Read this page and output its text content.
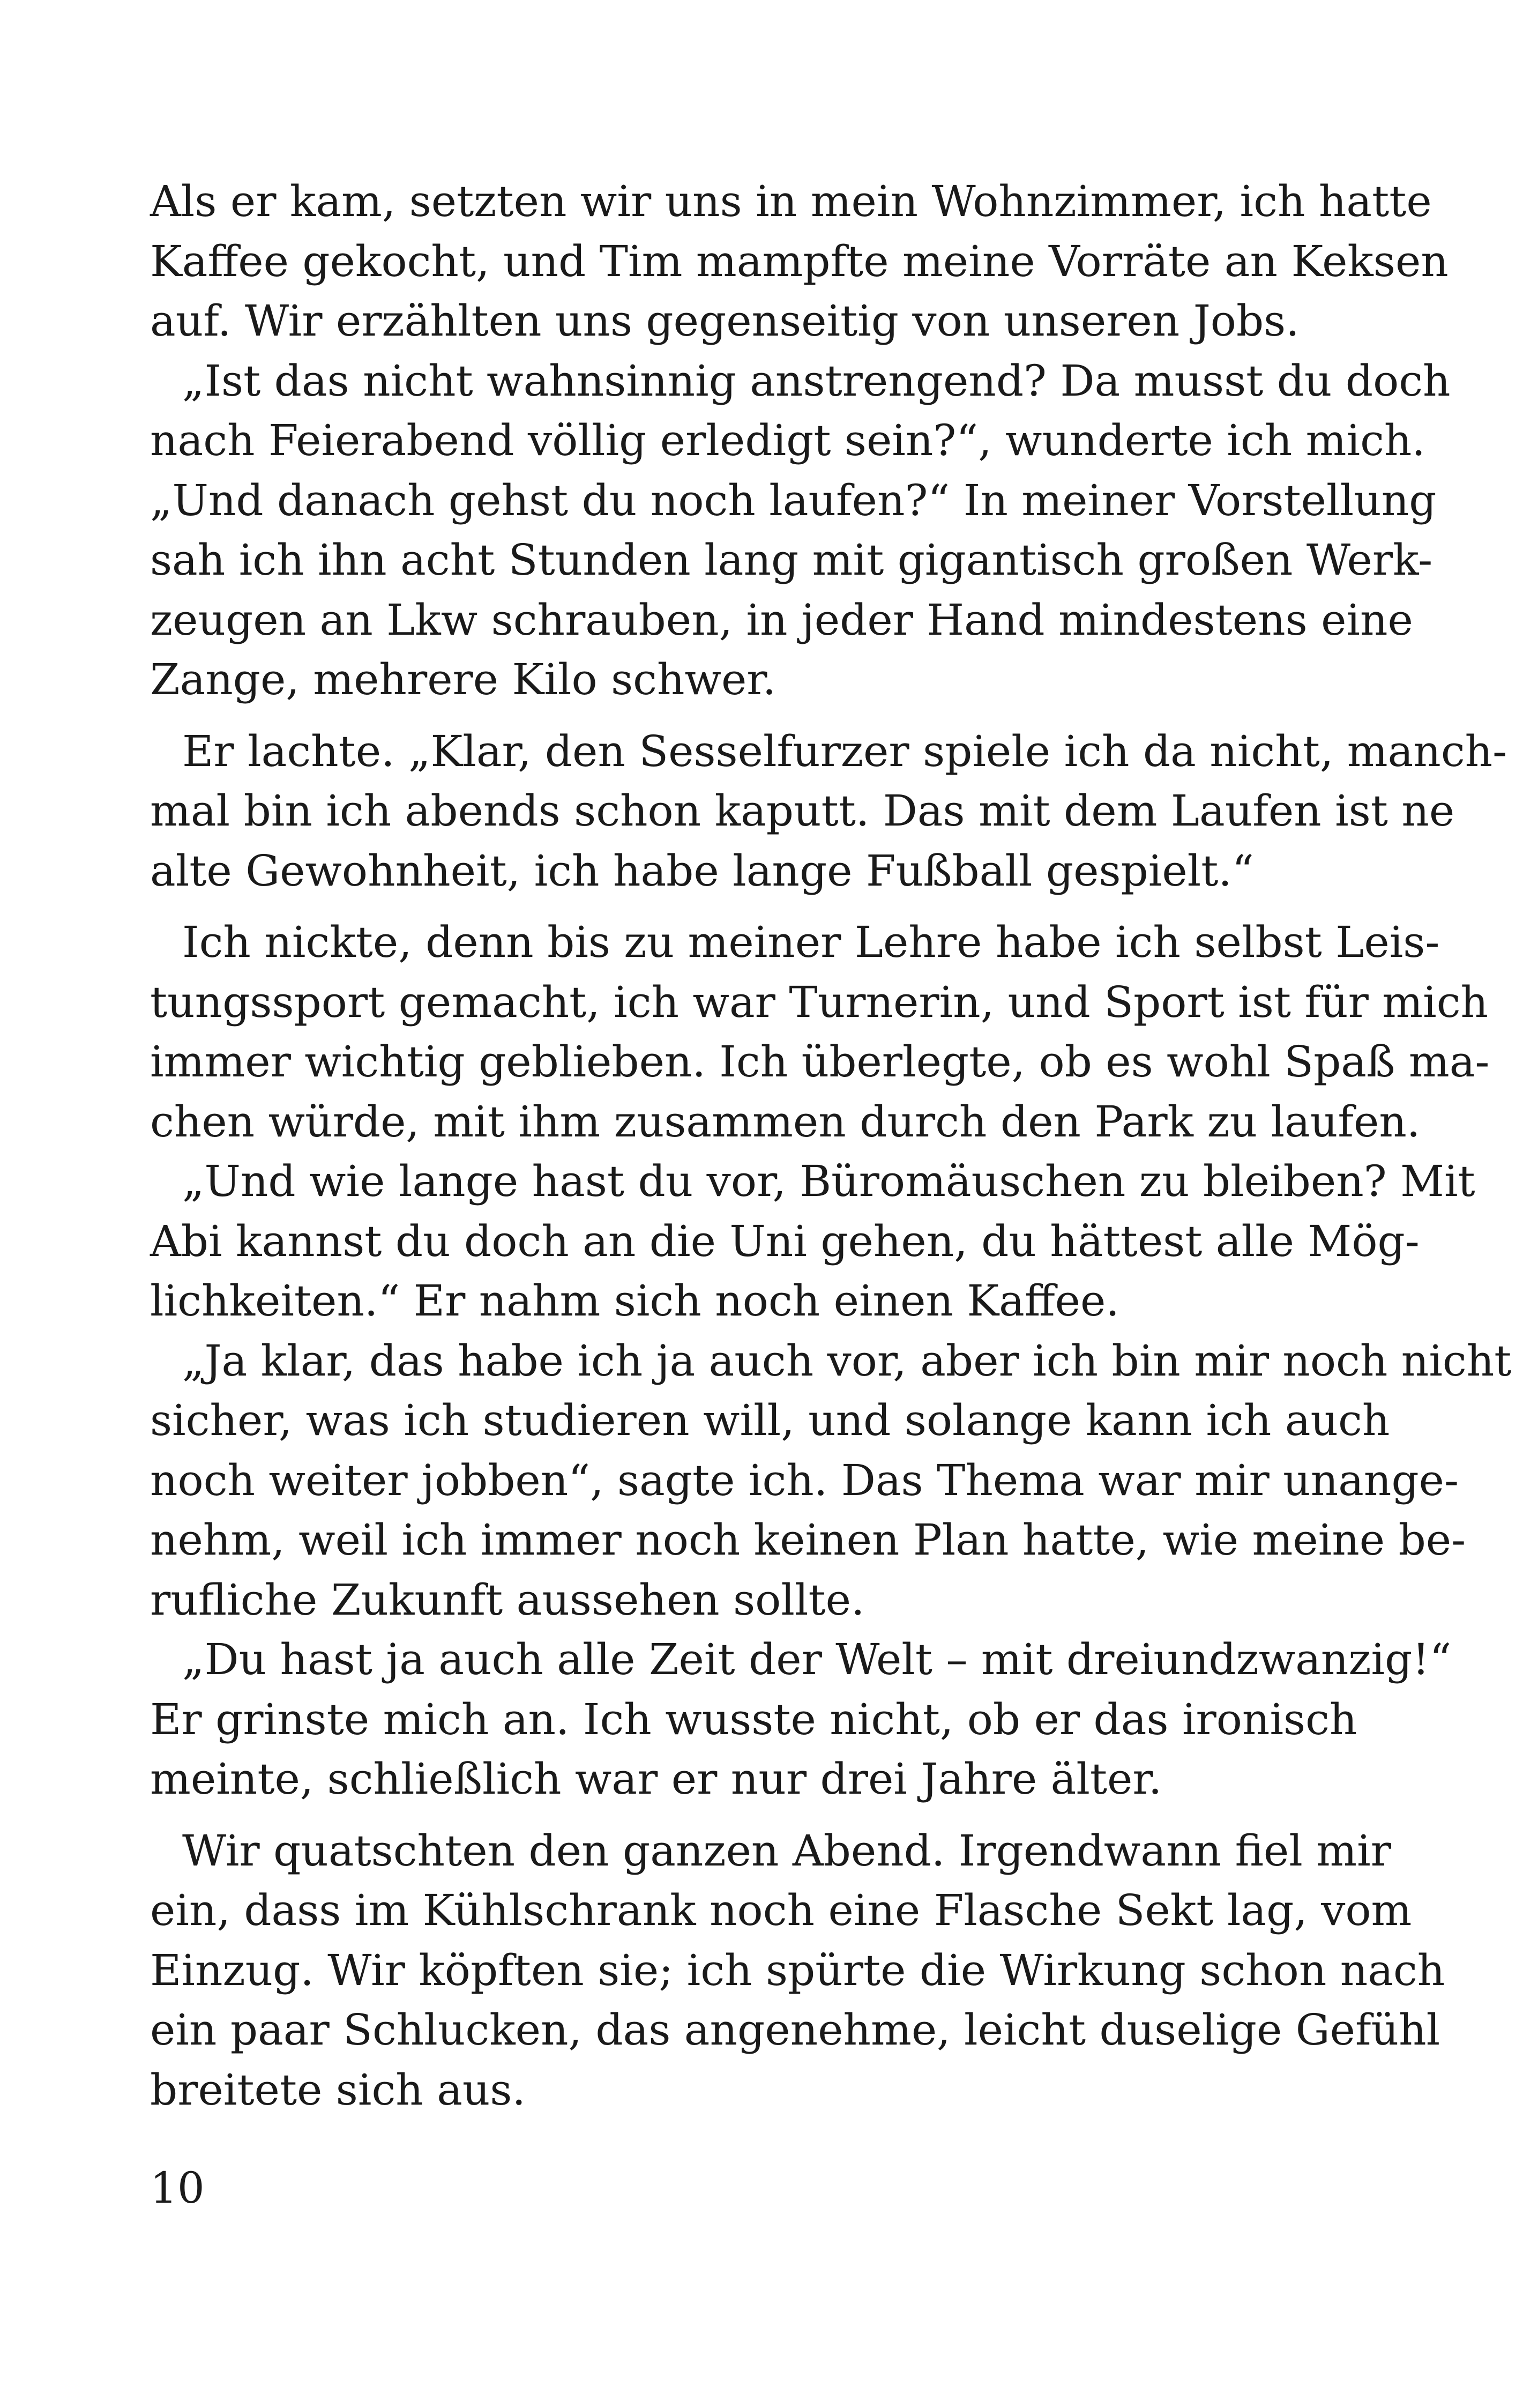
Als er kam, setzten wir uns in mein Wohnzimmer, ich hatte
Kaffee gekocht, und Tim mampfte meine Vorräte an Keksen
auf. Wir erzählten uns gegenseitig von unseren Jobs.
„Ist das nicht wahnsinnig anstrengend? Da musst du doch
nach Feierabend völlig erledigt sein?“, wunderte ich mich.
„Und danach gehst du noch laufen?“ In meiner Vorstellung
sah ich ihn acht Stunden lang mit gigantisch großen Werk-
zeugen an Lkw schrauben, in jeder Hand mindestens eine
Zange, mehrere Kilo schwer.
Er lachte. „Klar, den Sesselfurzer spiele ich da nicht, manch-
mal bin ich abends schon kaputt. Das mit dem Laufen ist ne
alte Gewohnheit, ich habe lange Fußball gespielt.“
Ich nickte, denn bis zu meiner Lehre habe ich selbst Leis-
tungssport gemacht, ich war Turnerin, und Sport ist für mich
immer wichtig geblieben. Ich überlegte, ob es wohl Spaß ma-
chen würde, mit ihm zusammen durch den Park zu laufen.
„Und wie lange hast du vor, Büromäuschen zu bleiben? Mit
Abi kannst du doch an die Uni gehen, du hättest alle Mög-
lichkeiten.“ Er nahm sich noch einen Kaffee.
„Ja klar, das habe ich ja auch vor, aber ich bin mir noch nicht
sicher, was ich studieren will, und solange kann ich auch
noch weiter jobben“, sagte ich. Das Thema war mir unange-
nehm, weil ich immer noch keinen Plan hatte, wie meine be-
rufliche Zukunft aussehen sollte.
„Du hast ja auch alle Zeit der Welt – mit dreiundzwanzig!“
Er grinste mich an. Ich wusste nicht, ob er das ironisch
meinte, schließlich war er nur drei Jahre älter.
Wir quatschten den ganzen Abend. Irgendwann fiel mir
ein, dass im Kühlschrank noch eine Flasche Sekt lag, vom
Einzug. Wir köpften sie; ich spürte die Wirkung schon nach
ein paar Schlucken, das angenehme, leicht duselige Gefühl
breitete sich aus.
10
